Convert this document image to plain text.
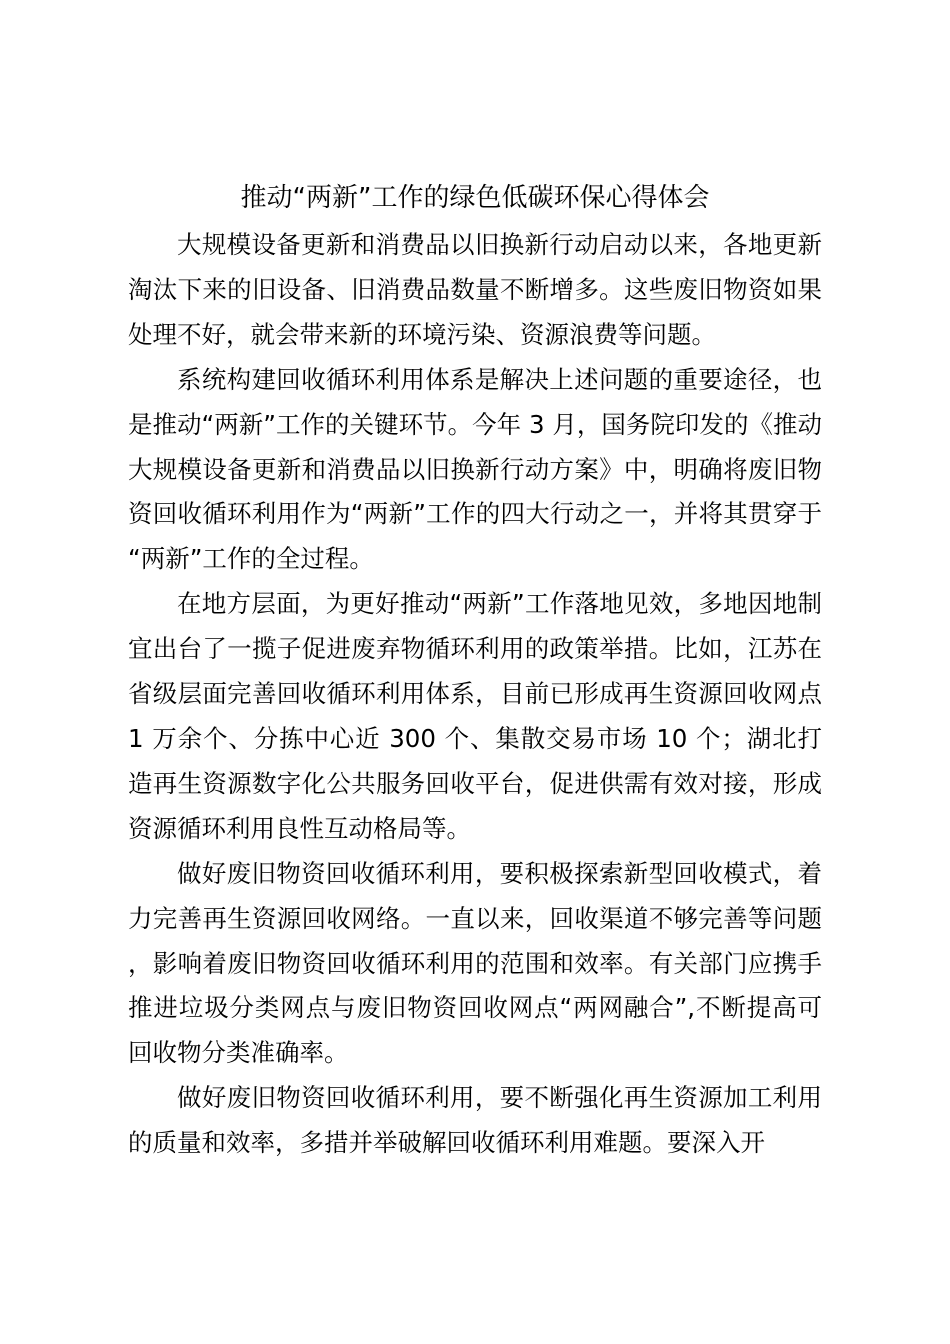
推动“两新”工作的绿色低碳环保心得体会

大规模设备更新和消费品以旧换新行动启动以来，各地更新淘汰下来的旧设备、旧消费品数量不断增多。这些废旧物资如果处理不好，就会带来新的环境污染、资源浪费等问题。

系统构建回收循环利用体系是解决上述问题的重要途径，也是推动“两新”工作的关键环节。今年 3 月，国务院印发的《推动大规模设备更新和消费品以旧换新行动方案》中，明确将废旧物资回收循环利用作为“两新”工作的四大行动之一，并将其贯穿于“两新”工作的全过程。

在地方层面，为更好推动“两新”工作落地见效，多地因地制宜出台了一揽子促进废弃物循环利用的政策举措。比如，江苏在省级层面完善回收循环利用体系，目前已形成再生资源回收网点 1 万余个、分拣中心近 300 个、集散交易市场 10 个；湖北打造再生资源数字化公共服务回收平台，促进供需有效对接，形成资源循环利用良性互动格局等。

做好废旧物资回收循环利用，要积极探索新型回收模式，着力完善再生资源回收网络。一直以来，回收渠道不够完善等问题，影响着废旧物资回收循环利用的范围和效率。有关部门应携手推进垃圾分类网点与废旧物资回收网点“两网融合”,不断提高可回收物分类准确率。

做好废旧物资回收循环利用，要不断强化再生资源加工利用的质量和效率，多措并举破解回收循环利用难题。要深入开
